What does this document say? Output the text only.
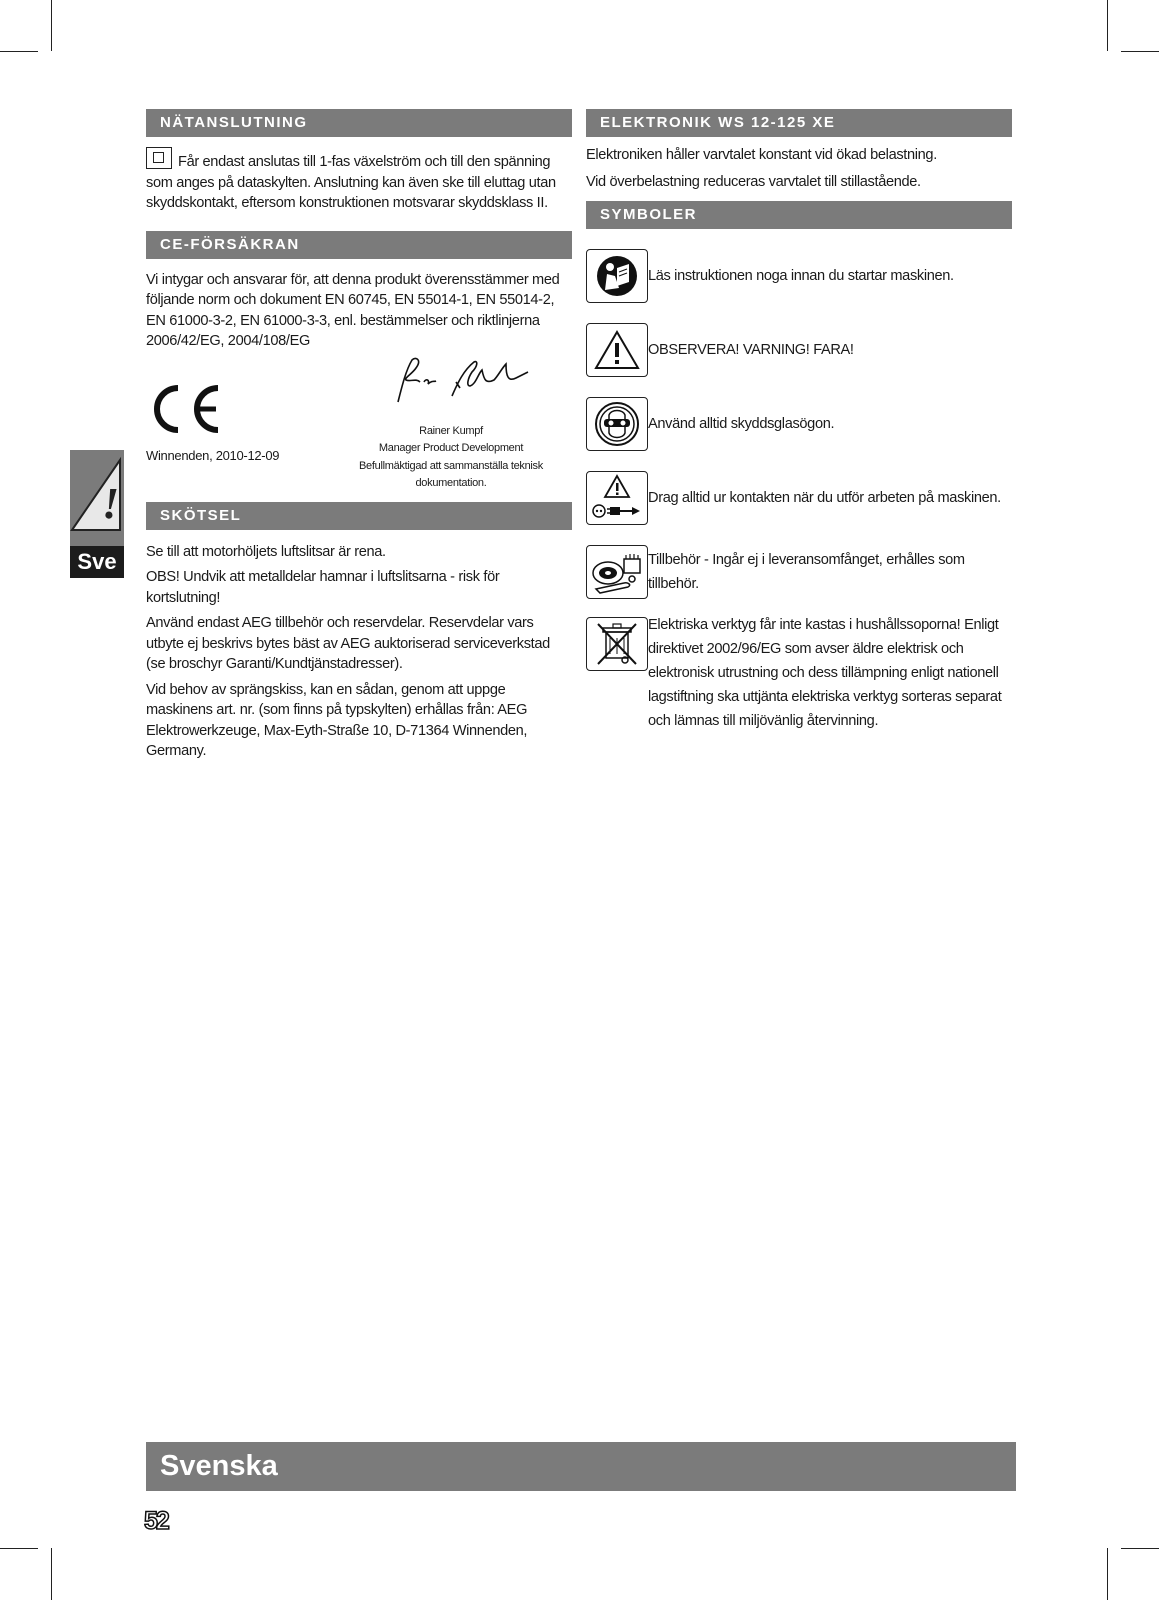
!
Sve
NÄTANSLUTNING

Får endast anslutas till 1-fas växelström och till den spänning som anges på dataskylten. Anslutning kan även ske till eluttag utan skyddskontakt, eftersom konstruktionen motsvarar skyddsklass II.

CE-FÖRSÄKRAN

Vi intygar och ansvarar för, att denna produkt överensstämmer med följande norm och dokument EN 60745, EN 55014-1, EN 55014-2, EN 61000-3-2, EN 61000-3-3, enl. bestämmelser och riktlinjerna 2006/42/EG, 2004/108/EG

Winnenden, 2010-12-09
Rainer Kumpf
Manager Product Development
Befullmäktigad att sammanställa teknisk dokumentation.
SKÖTSEL

Se till att motorhöljets luftslitsar är rena.

OBS! Undvik att metalldelar hamnar i luftslitsarna - risk för kortslutning!

Använd endast AEG tillbehör och reservdelar. Reservdelar vars utbyte ej beskrivs bytes bäst av AEG auktoriserad serviceverkstad (se broschyr Garanti/Kundtjänstadresser).

Vid behov av sprängskiss, kan en sådan, genom att uppge maskinens art. nr. (som finns på typskylten) erhållas från: AEG Elektrowerkzeuge, Max-Eyth-Straße 10, D-71364 Winnenden, Germany.

ELEKTRONIK WS 12-125 XE

Elektroniken håller varvtalet konstant vid ökad belastning.

Vid överbelastning reduceras varvtalet till stillastående.

SYMBOLER

Läs instruktionen noga innan du startar maskinen.

OBSERVERA! VARNING! FARA!

Använd alltid skyddsglasögon.

Drag alltid ur kontakten när du utför arbeten på maskinen.

Tillbehör - Ingår ej i leveransomfånget, erhålles som tillbehör.

Elektriska verktyg får inte kastas i hushållssoporna! Enligt direktivet 2002/96/EG som avser äldre elektrisk och elektronisk utrustning och dess tillämpning enligt nationell lagstiftning ska uttjänta elektriska verktyg sorteras separat och lämnas till miljövänlig återvinning.

Svenska
52
